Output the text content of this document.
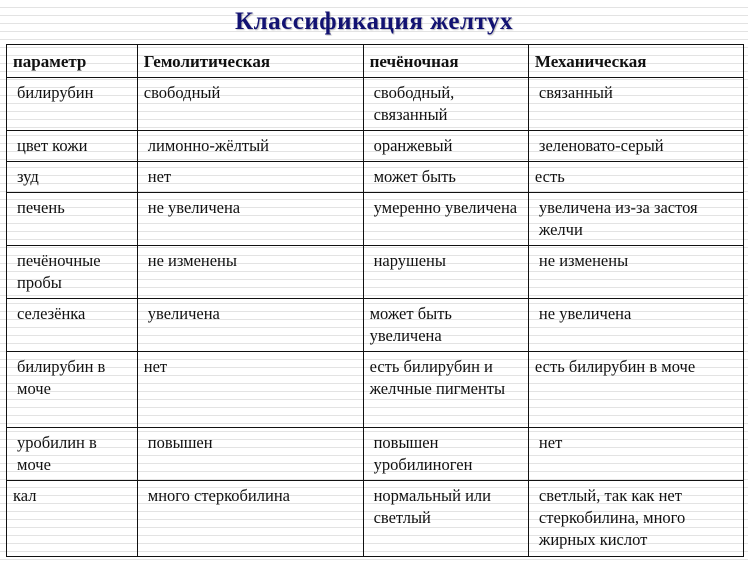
Классификация желтух
параметр	Гемолитическая	печёночная	Механическая
билирубин	свободный	свободный, связанный	связанный
цвет кожи	лимонно-жёлтый	оранжевый	зеленовато-серый
зуд	нет	может быть	есть
печень	не увеличена	умеренно увеличена	увеличена из-за застоя желчи
печёночные пробы	не изменены	нарушены	не изменены
селезёнка	увеличена	может быть увеличена	не увеличена
билирубин в моче	нет	есть билирубин и желчные пигменты	есть билирубин в моче
уробилин в моче	повышен	повышен уробилиноген	нет
кал	много стеркобилина	нормальный или светлый	светлый, так как нет стеркобилина, много жирных кислот
